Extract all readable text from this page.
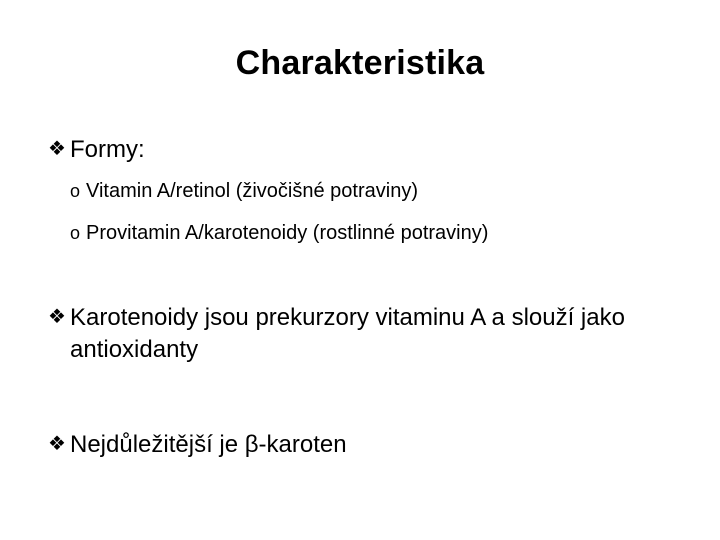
Charakteristika
❖ Formy:
o Vitamin A/retinol (živočišné potraviny)
o Provitamin A/karotenoidy (rostlinné potraviny)
❖ Karotenoidy jsou prekurzory vitaminu A a slouží jako antioxidanty
❖ Nejdůležitější je β-karoten
